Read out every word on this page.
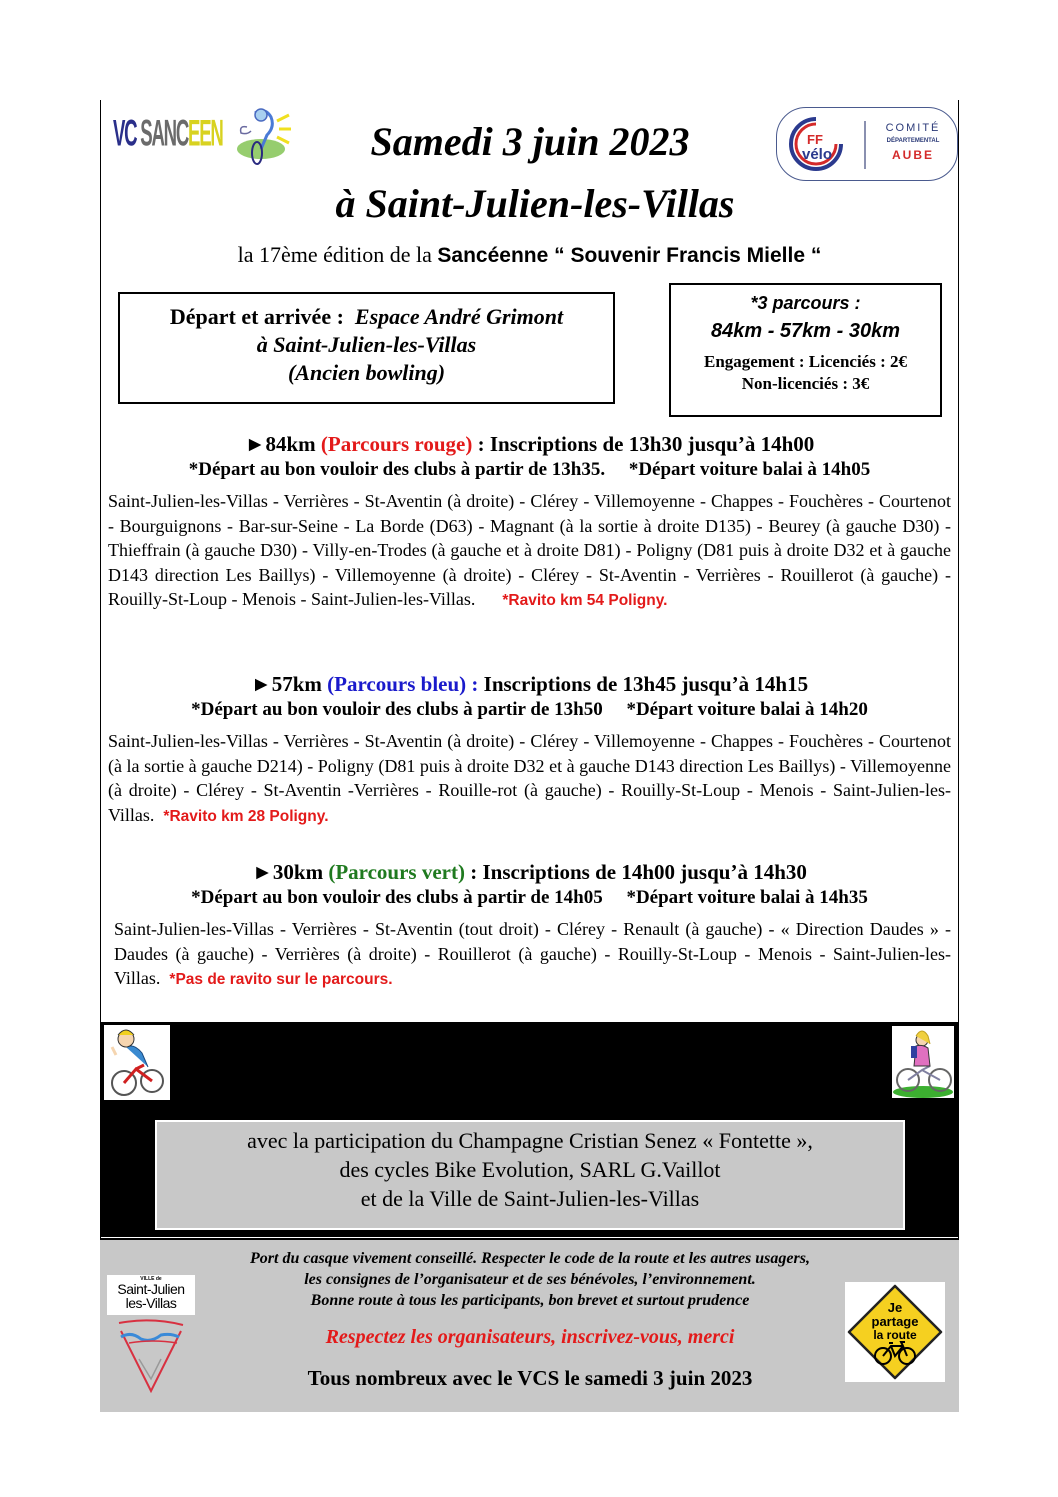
VC SANCEEN	Samedi 3 juin 2023
à Saint-Julien-les-Villas
FF
vélo
COMITÉ
DÉPARTEMENTAL
AUBE
la 17ème édition de la Sancéenne “ Souvenir Francis Mielle “
Départ et arrivée : Espace André Grimont
à Saint-Julien-les-Villas
(Ancien bowling)
*3 parcours :
84km - 57km - 30km
Engagement : Licenciés : 2€
Non-licenciés : 3€
►84km (Parcours rouge) : Inscriptions de 13h30 jusqu’à 14h00
*Départ au bon vouloir des clubs à partir de 13h35. *Départ voiture balai à 14h05
Saint-Julien-les-Villas - Verrières - St-Aventin (à droite) - Clérey - Villemoyenne - Chappes - Fouchères - Courtenot - Bourguignons - Bar-sur-Seine - La Borde (D63) - Magnant (à la sortie à droite D135) - Beurey (à gauche D30) - Thieffrain (à gauche D30) - Villy-en-Trodes (à gauche et à droite D81) - Poligny (D81 puis à droite D32 et à gauche D143 direction Les Baillys) - Villemoyenne (à droite) - Clérey - St-Aventin - Verrières - Rouillerot (à gauche) - Rouilly-St-Loup - Menois - Saint-Julien-les-Villas. *Ravito km 54 Poligny.
►57km (Parcours bleu) : Inscriptions de 13h45 jusqu’à 14h15
*Départ au bon vouloir des clubs à partir de 13h50 *Départ voiture balai à 14h20
Saint-Julien-les-Villas - Verrières - St-Aventin (à droite) - Clérey - Villemoyenne - Chappes - Fouchères - Courtenot (à la sortie à gauche D214) - Poligny (D81 puis à droite D32 et à gauche D143 direction Les Baillys) - Villemoyenne (à droite) - Clérey - St-Aventin -Verrières - Rouille-rot (à gauche) - Rouilly-St-Loup - Menois - Saint-Julien-les-Villas. *Ravito km 28 Poligny.
►30km (Parcours vert) : Inscriptions de 14h00 jusqu’à 14h30
*Départ au bon vouloir des clubs à partir de 14h05 *Départ voiture balai à 14h35
Saint-Julien-les-Villas - Verrières - St-Aventin (tout droit) - Clérey - Renault (à gauche) - « Direction Daudes » - Daudes (à gauche) - Verrières (à droite) - Rouillerot (à gauche) - Rouilly-St-Loup - Menois - Saint-Julien-les-Villas. *Pas de ravito sur le parcours.
avec la participation du Champagne Cristian Senez « Fontette »,
des cycles Bike Evolution, SARL G.Vaillot
et de la Ville de Saint-Julien-les-Villas
VILLE de
Saint-Julien
les-Villas
Port du casque vivement conseillé. Respecter le code de la route et les autres usagers,
les consignes de l’organisateur et de ses bénévoles, l’environnement.
Bonne route à tous les participants, bon brevet et surtout prudence
Respectez les organisateurs, inscrivez-vous, merci
Tous nombreux avec le VCS le samedi 3 juin 2023
Je
partage
la route
